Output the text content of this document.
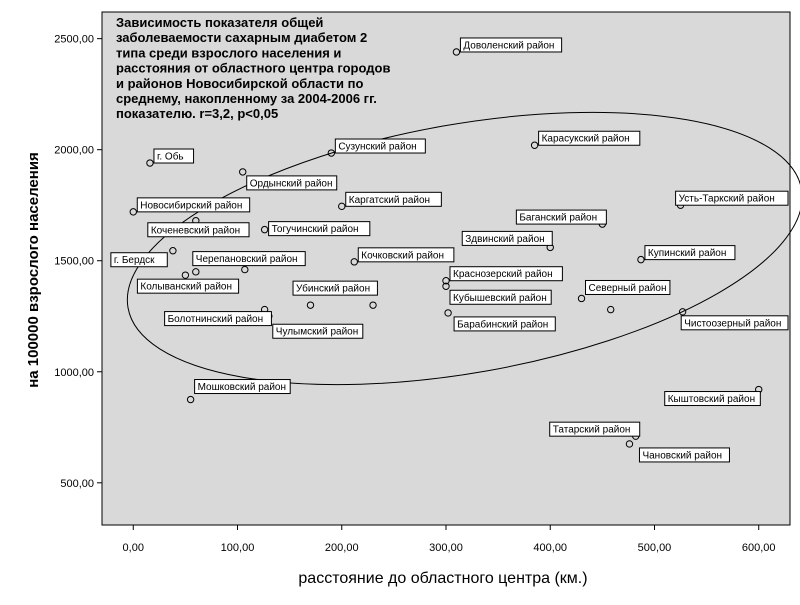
Доволенский район
Карасукский район
Сузунский район
г. Обь
Ордынский район
Каргатский район	Усть-Таркский район
Новосибирский район
Баганский район
Коченевский район	Тогучинский район
Здвинский район
Купинский район
Кочковский район
г. Бердск	Черепановский район
Краснозерский район
Кыштовский район
Колыванский район
Кубышевский район
Северный район
Убинский район
Болотнинский район
Чулымский район
Барабинский район	Чистоозерный район
Мошковский район
Татарский район
Чановский район
0,00	100,00	200,00	300,00	400,00	500,00	600,00
500,00
1000,00
1500,00
2000,00
2500,00
Зависимость показателя общей
заболеваемости сахарным диабетом 2
типа среди взрослого населения и
расстояния от областного центра городов
и районов Новосибирской области по
среднему, накопленному за 2004-2006 гг.
показателю. r=3,2, p<0,05
расстояние до областного центра (км.)
на 100000 взрослого населения
